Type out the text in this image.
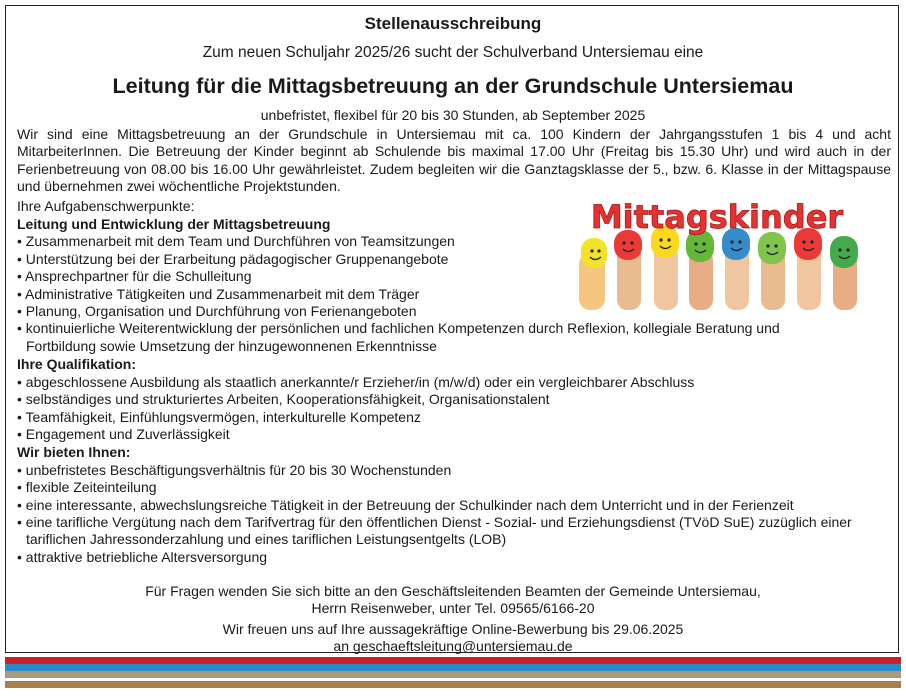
Stellenausschreibung
Zum neuen Schuljahr 2025/26 sucht der Schulverband Untersiemau eine
Leitung für die Mittagsbetreuung an der Grundschule Untersiemau
unbefristet, flexibel für 20 bis 30 Stunden, ab September 2025
Wir sind eine Mittagsbetreuung an der Grundschule in Untersiemau mit ca. 100 Kindern der Jahrgangsstufen 1 bis 4 und acht MitarbeiterInnen. Die Betreuung der Kinder beginnt ab Schulende bis maximal 17.00 Uhr (Freitag bis 15.30 Uhr) und wird auch in der Ferienbetreuung von 08.00 bis 16.00 Uhr gewährleistet. Zudem begleiten wir die Ganztagsklasse der 5., bzw. 6. Klasse in der Mittagspause und übernehmen zwei wöchentliche Projektstunden.
Ihre Aufgabenschwerpunkte:
Leitung und Entwicklung der Mittagsbetreuung
• Zusammenarbeit mit dem Team und Durchführen von Teamsitzungen
• Unterstützung bei der Erarbeitung pädagogischer Gruppenangebote
• Ansprechpartner für die Schulleitung
• Administrative Tätigkeiten und Zusammenarbeit mit dem Träger
• Planung, Organisation und Durchführung von Ferienangeboten
• kontinuierliche Weiterentwicklung der persönlichen und fachlichen Kompetenzen durch Reflexion, kollegiale Beratung und Fortbildung sowie Umsetzung der hinzugewonnenen Erkenntnisse
Ihre Qualifikation:
• abgeschlossene Ausbildung als staatlich anerkannte/r Erzieher/in (m/w/d) oder ein vergleichbarer Abschluss
• selbständiges und strukturiertes Arbeiten, Kooperationsfähigkeit, Organisationstalent
• Teamfähigkeit, Einfühlungsvermögen, interkulturelle Kompetenz
• Engagement und Zuverlässigkeit
Wir bieten Ihnen:
• unbefristetes Beschäftigungsverhältnis für 20 bis 30 Wochenstunden
• flexible Zeiteinteilung
• eine interessante, abwechslungsreiche Tätigkeit in der Betreuung der Schulkinder nach dem Unterricht und in der Ferienzeit
• eine tarifliche Vergütung nach dem Tarifvertrag für den öffentlichen Dienst - Sozial- und Erziehungsdienst (TVöD SuE) zuzüglich einer tariflichen Jahressonderzahlung und eines tariflichen Leistungsentgelts (LOB)
• attraktive betriebliche Altersversorgung
Für Fragen wenden Sie sich bitte an den Geschäftsleitenden Beamten der Gemeinde Untersiemau,
Herrn Reisenweber, unter Tel. 09565/6166-20
Wir freuen uns auf Ihre aussagekräftige Online-Bewerbung bis 29.06.2025
an geschaeftsleitung@untersiemau.de
Mittagskinder
